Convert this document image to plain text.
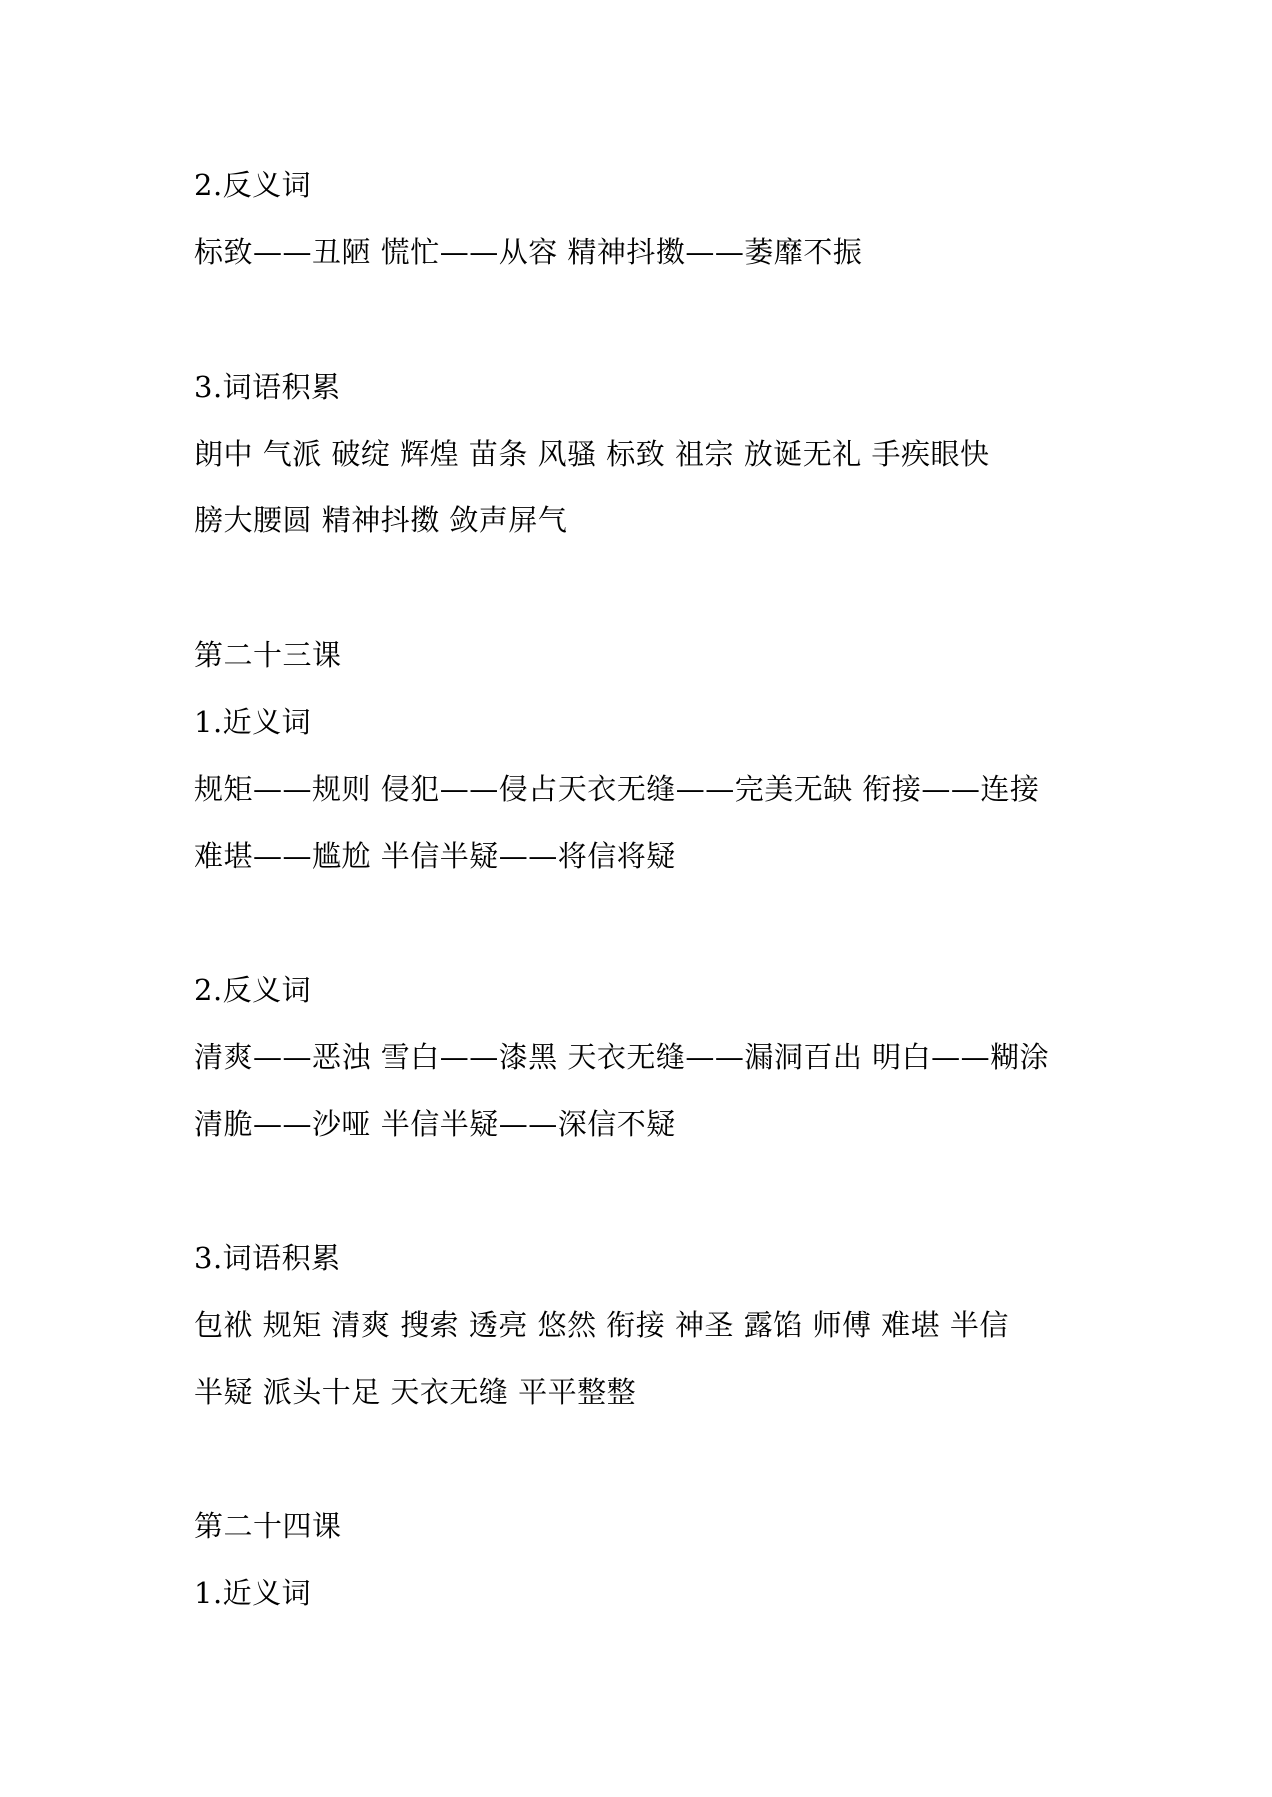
2.反义词

标致——丑陋 慌忙——从容 精神抖擞——萎靡不振

3.词语积累

朗中 气派 破绽 辉煌 苗条 风骚 标致 祖宗 放诞无礼 手疾眼快

膀大腰圆 精神抖擞 敛声屏气

第二十三课

1.近义词

规矩——规则 侵犯——侵占天衣无缝——完美无缺 衔接——连接

难堪——尴尬 半信半疑——将信将疑

2.反义词

清爽——恶浊 雪白——漆黑 天衣无缝——漏洞百出 明白——糊涂

清脆——沙哑 半信半疑——深信不疑

3.词语积累

包袱 规矩 清爽 搜索 透亮 悠然 衔接 神圣 露馅 师傅 难堪 半信

半疑 派头十足 天衣无缝 平平整整

第二十四课

1.近义词
